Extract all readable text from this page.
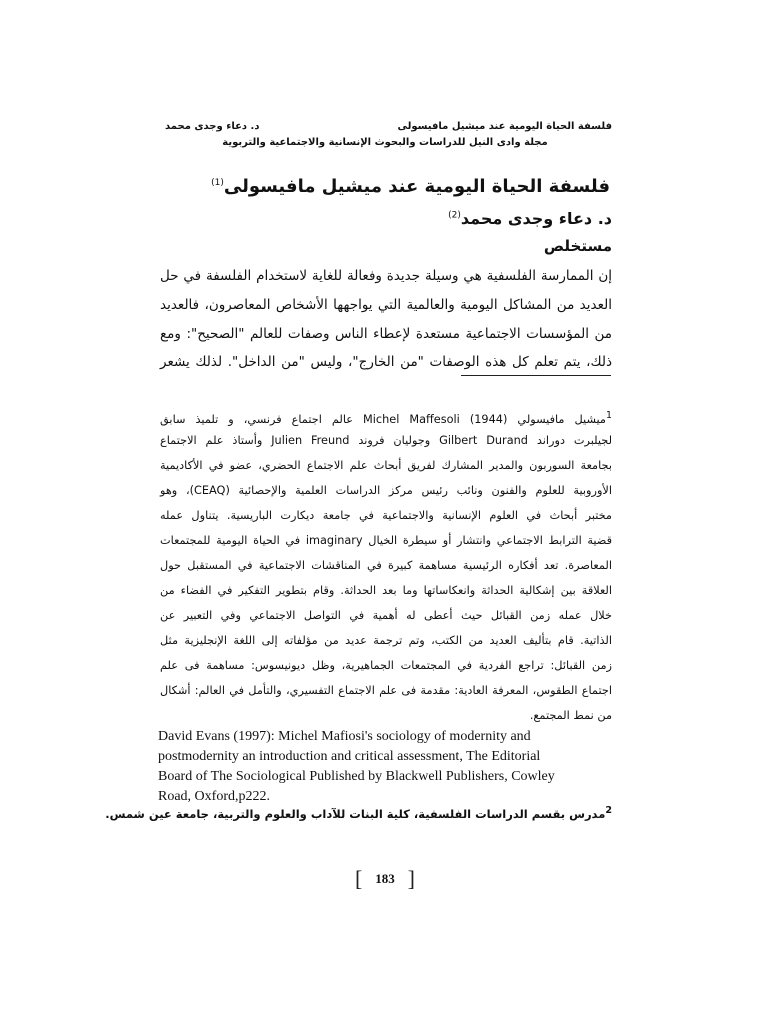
د. دعاء وجدى محمد	فلسفة الحياة اليومية عند ميشيل مافيسولى
مجلة وادى النيل للدراسات والبحوث الإنسانية والاجتماعية والتربوية
فلسفة الحياة اليومية عند ميشيل مافيسولى$^{(1)}$
د. دعاء وجدى محمد$^{(2)}$
مستخلص
إن الممارسة الفلسفية هي وسيلة جديدة وفعالة للغاية لاستخدام الفلسفة في حل
العديد من المشاكل اليومية والعالمية التي يواجهها الأشخاص المعاصرون، فالعديد
من المؤسسات الاجتماعية مستعدة لإعطاء الناس وصفات للعالم "الصحيح": ومع
ذلك، يتم تعلم كل هذه الوصفات "من الخارج"، وليس "من الداخل". لذلك يشعر
$^1$ميشيل مافيسولي Michel Maffesoli (1944) عالم اجتماع فرنسي، و تلميذ سابق
لجيلبرت دوراند Gilbert Durand وجوليان فروند Julien Freund وأستاذ علم الاجتماع
بجامعة السوربون والمدير المشارك لفريق أبحاث علم الاجتماع الحضري، عضو في الأكاديمية
الأوروبية للعلوم والفنون ونائب رئيس مركز الدراسات العلمية والإحصائية (CEAQ)، وهو
مختبر أبحاث في العلوم الإنسانية والاجتماعية في جامعة ديكارت الباريسية. يتناول عمله
قضية الترابط الاجتماعي وانتشار أو سيطرة الخيال imaginary في الحياة اليومية للمجتمعات
المعاصرة. تعد أفكاره الرئيسية مساهمة كبيرة في المناقشات الاجتماعية في المستقبل حول
العلاقة بين إشكالية الحداثة وانعكاساتها وما بعد الحداثة. وقام بتطوير التفكير في الفضاء من
خلال عمله زمن القبائل حيث أعطى له أهمية في التواصل الاجتماعي وفي التعبير عن
الذاتية. قام بتأليف العديد من الكتب، وتم ترجمة عديد من مؤلفاته إلى اللغة الإنجليزية مثل
زمن القبائل: تراجع الفردية في المجتمعات الجماهيرية، وظل ديونيسوس: مساهمة فى علم
اجتماع الطقوس، المعرفة العادية: مقدمة فى علم الاجتماع التفسيري، والتأمل في العالم: أشكال
من نمط المجتمع.
David Evans (1997): Michel Mafiosi's sociology of modernity and
postmodernity an introduction and critical assessment, The Editorial
Board of The Sociological Published by Blackwell Publishers, Cowley
Road, Oxford,p222.
$^2$مدرس بقسم الدراسات الفلسفية، كلية البنات للآداب والعلوم والتربية، جامعة عين شمس.
[ 183 ]
